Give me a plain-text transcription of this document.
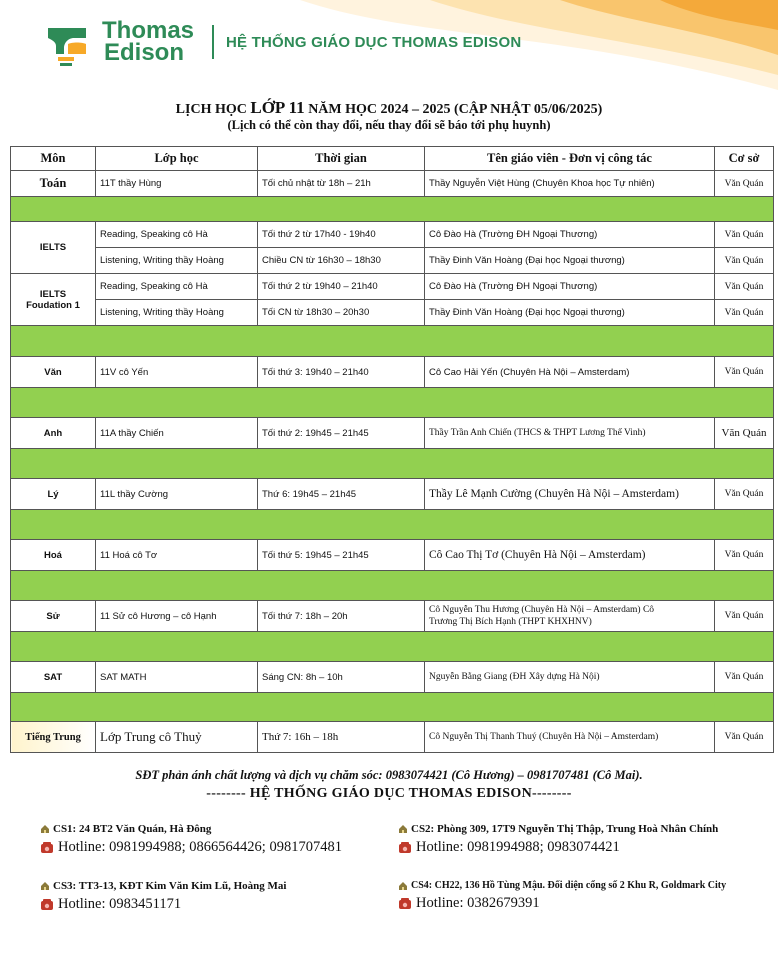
Thomas
Edison	HỆ THỐNG GIÁO DỤC THOMAS EDISON
LỊCH HỌC LỚP 11 NĂM HỌC 2024 – 2025 (CẬP NHẬT 05/06/2025)
(Lịch có thể còn thay đổi, nếu thay đổi sẽ báo tới phụ huynh)
Môn	Lớp học	Thời gian	Tên giáo viên - Đơn vị công tác	Cơ sở
Toán	11T thầy Hùng	Tối chủ nhật từ 18h – 21h	Thầy Nguyễn Việt Hùng (Chuyên Khoa học Tự nhiên)	Văn Quán

IELTS	Reading, Speaking cô Hà	Tối thứ 2 từ 17h40 - 19h40	Cô Đào Hà (Trường ĐH Ngoại Thương)	Văn Quán
	Listening, Writing thầy Hoàng	Chiều CN từ 16h30 – 18h30	Thầy Đinh Văn Hoàng (Đại học Ngoại thương)	Văn Quán

IELTS
Foudation 1	Reading, Speaking cô Hà	Tối thứ 2 từ 19h40 – 21h40	Cô Đào Hà (Trường ĐH Ngoại Thương)	Văn Quán
	Listening, Writing thầy Hoàng	Tối CN từ 18h30 – 20h30	Thầy Đinh Văn Hoàng (Đại học Ngoại thương)	Văn Quán

Văn	11V cô Yến	Tối thứ 3: 19h40 – 21h40	Cô Cao Hải Yến (Chuyên Hà Nội – Amsterdam)	Văn Quán

Anh	11A thầy Chiến	Tối thứ 2: 19h45 – 21h45	Thầy Trần Anh Chiến (THCS & THPT Lương Thế Vinh)	Văn Quán

Lý	11L thầy Cường	Thứ 6: 19h45 – 21h45	Thầy Lê Mạnh Cường (Chuyên Hà Nội – Amsterdam)	Văn Quán

Hoá	11 Hoá cô Tơ	Tối thứ 5: 19h45 – 21h45	Cô Cao Thị Tơ (Chuyên Hà Nội – Amsterdam)	Văn Quán

Sử	11 Sử cô Hương – cô Hạnh	Tối thứ 7: 18h – 20h	Cô Nguyễn Thu Hương (Chuyên Hà Nội – Amsterdam) Cô
Trương Thị Bích Hạnh (THPT KHXHNV)	Văn Quán

SAT	SAT MATH	Sáng CN: 8h – 10h	Nguyễn Bằng Giang (ĐH Xây dựng Hà Nội)	Văn Quán

Tiếng Trung	Lớp Trung cô Thuỷ	Thứ 7: 16h – 18h	Cô Nguyễn Thị Thanh Thuý (Chuyên Hà Nội – Amsterdam)	Văn Quán
SĐT phản ánh chất lượng và dịch vụ chăm sóc: 0983074421 (Cô Hương) – 0981707481 (Cô Mai).
-------- HỆ THỐNG GIÁO DỤC THOMAS EDISON--------
CS1: 24 BT2 Văn Quán, Hà Đông
Hotline: 0981994988; 0866564426; 0981707481
CS2: Phòng 309, 17T9 Nguyễn Thị Thập, Trung Hoà Nhân Chính
Hotline: 0981994988; 0983074421
CS3: TT3-13, KĐT Kim Văn Kim Lũ, Hoàng Mai
Hotline: 0983451171
CS4: CH22, 136 Hồ Tùng Mậu. Đối diện cổng số 2 Khu R, Goldmark City
Hotline: 0382679391
